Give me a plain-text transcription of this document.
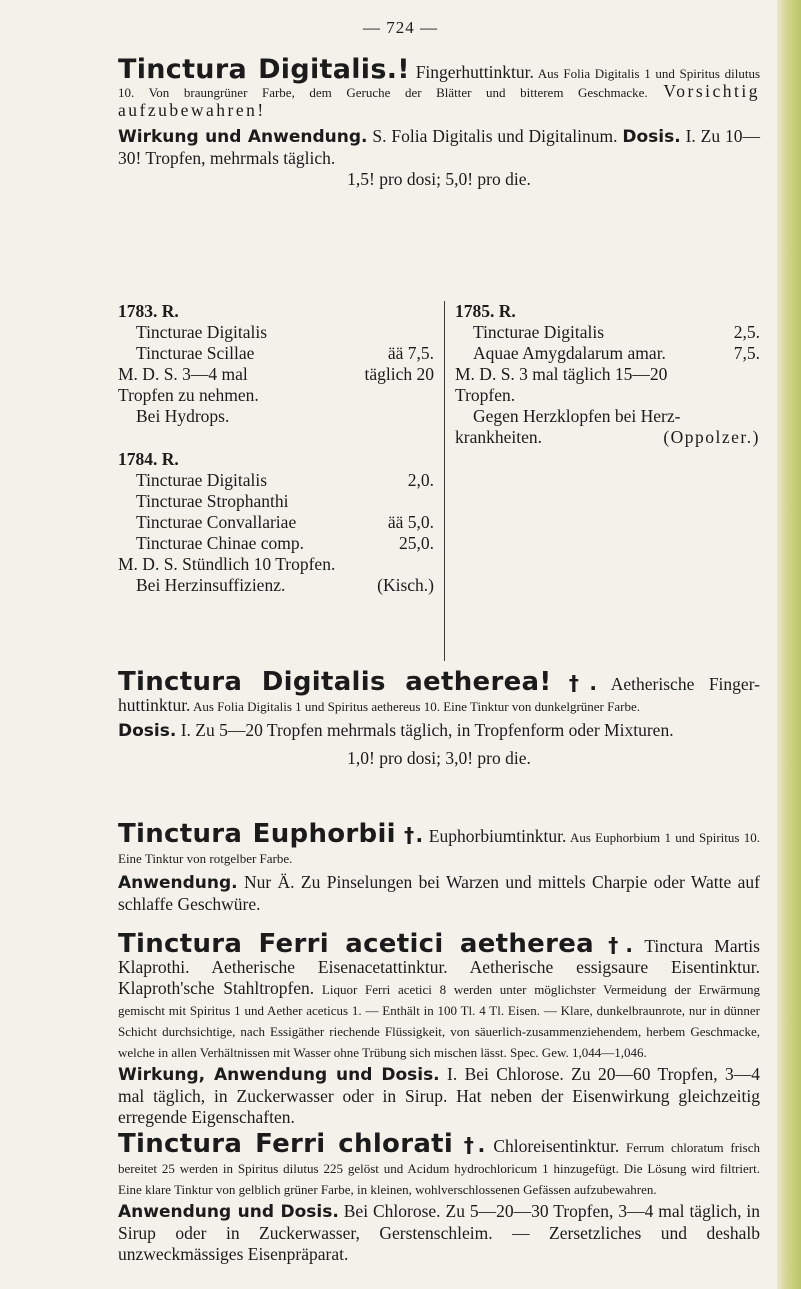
— 724 —

Tinctura Digitalis.! Fingerhuttinktur. Aus Folia Digitalis 1 und Spiritus dilutus 10. Von braungrüner Farbe, dem Geruche der Blätter und bitterem Geschmacke. Vorsichtig aufzubewahren!

Wirkung und Anwendung. S. Folia Digitalis und Digitalinum. Dosis. I. Zu 10—30! Tropfen, mehrmals täglich.

1,5! pro dosi; 5,0! pro die.

1783. R.
Tincturae Digitalis
Tincturae Scillae	ää 7,5.
M. D. S. 3—4 mal	täglich 20
Tropfen zu nehmen.
Bei Hydrops.
1784. R.
Tincturae Digitalis	2,0.
Tincturae Strophanthi
Tincturae Convallariae	ää 5,0.
Tincturae Chinae comp.	25,0.
M. D. S. Stündlich 10 Tropfen.
Bei Herzinsuffizienz.	(Kisch.)
1785. R.
Tincturae Digitalis	2,5.
Aquae Amygdalarum amar.	7,5.
M. D. S. 3 mal täglich 15—20
Tropfen.
Gegen Herzklopfen bei Herz-
krankheiten.	(Oppolzer.)

Tinctura Digitalis aetherea! †. Aetherische Finger-huttinktur. Aus Folia Digitalis 1 und Spiritus aethereus 10. Eine Tinktur von dunkelgrüner Farbe.

Dosis. I. Zu 5—20 Tropfen mehrmals täglich, in Tropfenform oder Mixturen.

1,0! pro dosi; 3,0! pro die.

Tinctura Euphorbii †. Euphorbiumtinktur. Aus Euphorbium 1 und Spiritus 10. Eine Tinktur von rotgelber Farbe.

Anwendung. Nur Ä. Zu Pinselungen bei Warzen und mittels Charpie oder Watte auf schlaffe Geschwüre.

Tinctura Ferri acetici aetherea †. Tinctura Martis Klaprothi. Aetherische Eisenacetattinktur. Aetherische essigsaure Eisentinktur. Klaproth'sche Stahltropfen. Liquor Ferri acetici 8 werden unter möglichster Vermeidung der Erwärmung gemischt mit Spiritus 1 und Aether aceticus 1. — Enthält in 100 Tl. 4 Tl. Eisen. — Klare, dunkelbraunrote, nur in dünner Schicht durchsichtige, nach Essigäther riechende Flüssigkeit, von säuerlich-zusammenziehendem, herbem Geschmacke, welche in allen Verhältnissen mit Wasser ohne Trübung sich mischen lässt. Spec. Gew. 1,044—1,046.

Wirkung, Anwendung und Dosis. I. Bei Chlorose. Zu 20—60 Tropfen, 3—4 mal täglich, in Zuckerwasser oder in Sirup. Hat neben der Eisenwirkung gleichzeitig erregende Eigenschaften.

Tinctura Ferri chlorati †. Chloreisentinktur. Ferrum chloratum frisch bereitet 25 werden in Spiritus dilutus 225 gelöst und Acidum hydrochloricum 1 hinzugefügt. Die Lösung wird filtriert. Eine klare Tinktur von gelblich grüner Farbe, in kleinen, wohlverschlossenen Gefässen aufzubewahren.

Anwendung und Dosis. Bei Chlorose. Zu 5—20—30 Tropfen, 3—4 mal täglich, in Sirup oder in Zuckerwasser, Gerstenschleim. — Zersetzliches und deshalb unzweckmässiges Eisenpräparat.
